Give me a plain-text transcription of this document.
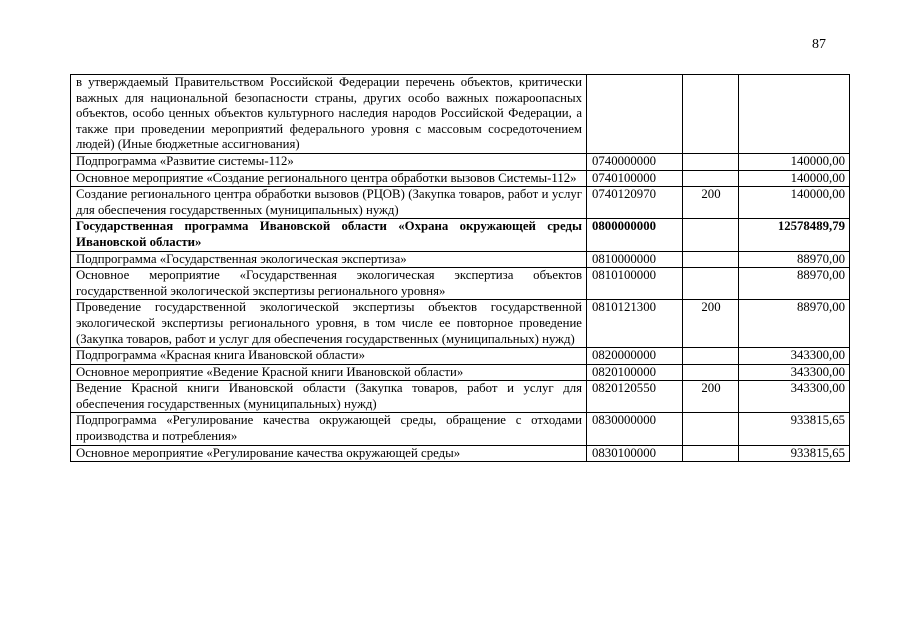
87
в утверждаемый Правительством Российской Федерации перечень объектов, критически важных для национальной безопасности страны, других особо важных пожароопасных объектов, особо ценных объектов культурного наследия народов Российской Федерации, а также при проведении мероприятий федерального уровня с массовым сосредоточением людей) (Иные бюджетные ассигнования)			
Подпрограмма «Развитие системы-112»	0740000000		140000,00
Основное мероприятие «Создание регионального центра обработки вызовов Системы-112»	0740100000		140000,00
Создание регионального центра обработки вызовов (РЦОВ) (Закупка товаров, работ и услуг для обеспечения государственных (муниципальных) нужд)	0740120970	200	140000,00
Государственная программа Ивановской области «Охрана окружающей среды Ивановской области»	0800000000		12578489,79
Подпрограмма «Государственная экологическая экспертиза»	0810000000		88970,00
Основное мероприятие «Государственная экологическая экспертиза объектов государственной экологической экспертизы регионального уровня»	0810100000		88970,00
Проведение государственной экологической экспертизы объектов государственной экологической экспертизы регионального уровня, в том числе ее повторное проведение (Закупка товаров, работ и услуг для обеспечения государственных (муниципальных) нужд)	0810121300	200	88970,00
Подпрограмма «Красная книга Ивановской области»	0820000000		343300,00
Основное мероприятие «Ведение Красной книги Ивановской области»	0820100000		343300,00
Ведение Красной книги Ивановской области (Закупка товаров, работ и услуг для обеспечения государственных (муниципальных) нужд)	0820120550	200	343300,00
Подпрограмма «Регулирование качества окружающей среды, обращение с отходами производства и потребления»	0830000000		933815,65
Основное мероприятие «Регулирование качества окружающей среды»	0830100000		933815,65
